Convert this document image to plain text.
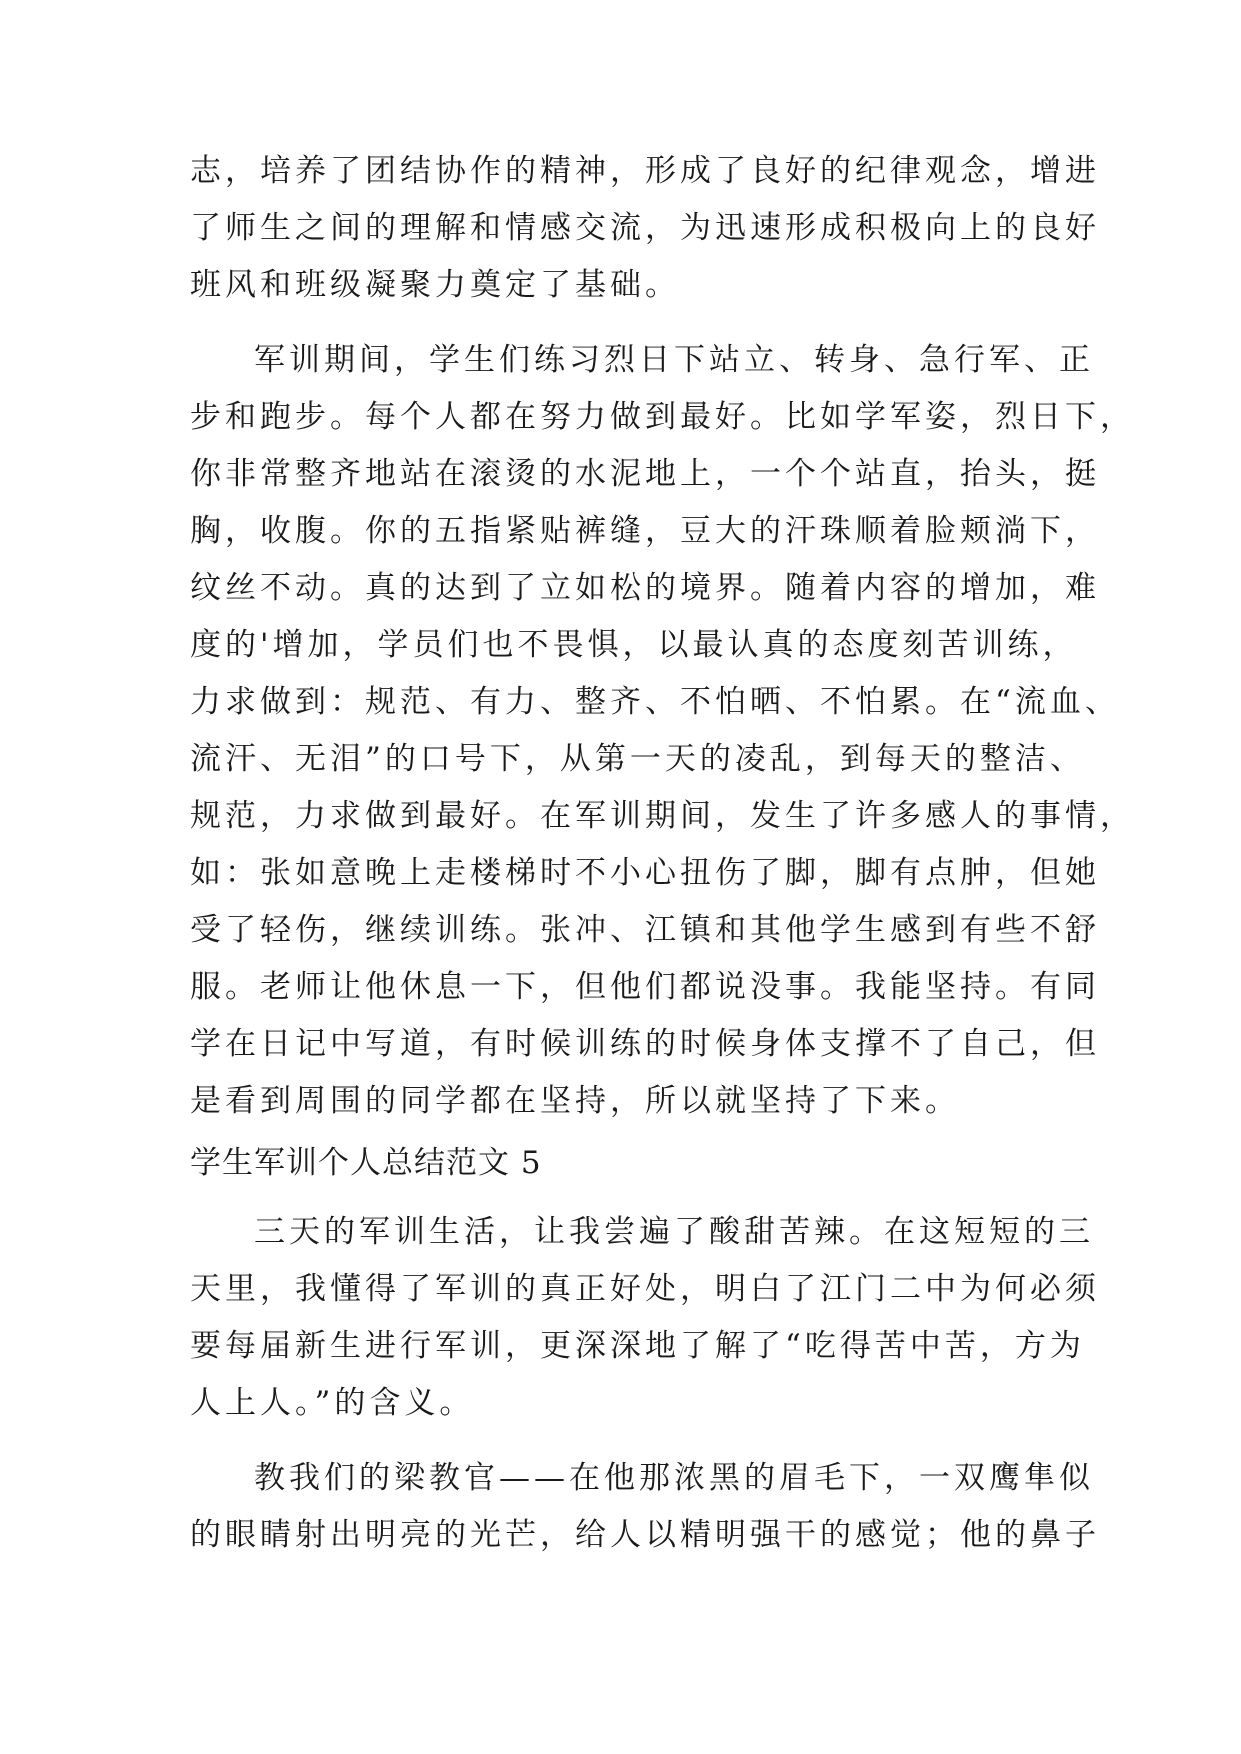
志，培养了团结协作的精神，形成了良好的纪律观念，增进
了师生之间的理解和情感交流，为迅速形成积极向上的良好
班风和班级凝聚力奠定了基础。
军训期间，学生们练习烈日下站立、转身、急行军、正
步和跑步。每个人都在努力做到最好。比如学军姿，烈日下，
你非常整齐地站在滚烫的水泥地上，一个个站直，抬头，挺
胸，收腹。你的五指紧贴裤缝，豆大的汗珠顺着脸颊淌下，
纹丝不动。真的达到了立如松的境界。随着内容的增加，难
度的'增加，学员们也不畏惧，以最认真的态度刻苦训练，
力求做到：规范、有力、整齐、不怕晒、不怕累。在“流血、
流汗、无泪”的口号下，从第一天的凌乱，到每天的整洁、
规范，力求做到最好。在军训期间，发生了许多感人的事情，
如：张如意晚上走楼梯时不小心扭伤了脚，脚有点肿，但她
受了轻伤，继续训练。张冲、江镇和其他学生感到有些不舒
服。老师让他休息一下，但他们都说没事。我能坚持。有同
学在日记中写道，有时候训练的时候身体支撑不了自己，但
是看到周围的同学都在坚持，所以就坚持了下来。
学生军训个人总结范文 5
三天的军训生活，让我尝遍了酸甜苦辣。在这短短的三
天里，我懂得了军训的真正好处，明白了江门二中为何必须
要每届新生进行军训，更深深地了解了“吃得苦中苦，方为
人上人。”的含义。
教我们的梁教官——在他那浓黑的眉毛下，一双鹰隼似
的眼睛射出明亮的光芒，给人以精明强干的感觉；他的鼻子
